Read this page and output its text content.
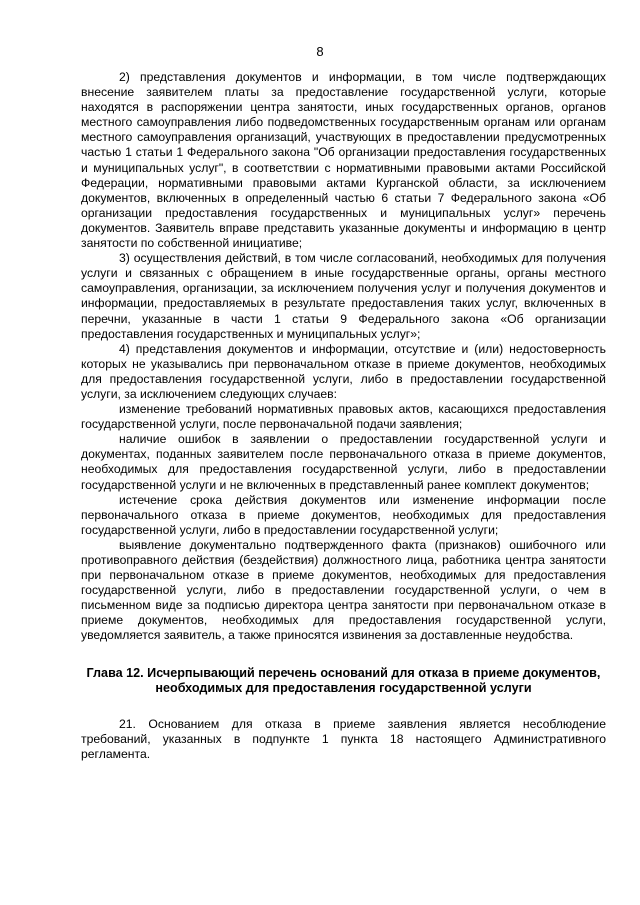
8

2) представления документов и информации, в том числе подтверждающих внесение заявителем платы за предоставление государственной услуги, которые находятся в распоряжении центра занятости, иных государственных органов, органов местного самоуправления либо подведомственных государственным органам или органам местного самоуправления организаций, участвующих в предоставлении предусмотренных частью 1 статьи 1 Федерального закона "Об организации предоставления государственных и муниципальных услуг", в соответствии с нормативными правовыми актами Российской Федерации, нормативными правовыми актами Курганской области, за исключением документов, включенных в определенный частью 6 статьи 7 Федерального закона «Об организации предоставления государственных и муниципальных услуг» перечень документов. Заявитель вправе представить указанные документы и информацию в центр занятости по собственной инициативе;

3) осуществления действий, в том числе согласований, необходимых для получения услуги и связанных с обращением в иные государственные органы, органы местного самоуправления, организации, за исключением получения услуг и получения документов и информации, предоставляемых в результате предоставления таких услуг, включенных в перечни, указанные в части 1 статьи 9 Федерального закона «Об организации предоставления государственных и муниципальных услуг»;

4) представления документов и информации, отсутствие и (или) недостоверность которых не указывались при первоначальном отказе в приеме документов, необходимых для предоставления государственной услуги, либо в предоставлении государственной услуги, за исключением следующих случаев:

изменение требований нормативных правовых актов, касающихся предоставления государственной услуги, после первоначальной подачи заявления;

наличие ошибок в заявлении о предоставлении государственной услуги и документах, поданных заявителем после первоначального отказа в приеме документов, необходимых для предоставления государственной услуги, либо в предоставлении государственной услуги и не включенных в представленный ранее комплект документов;

истечение срока действия документов или изменение информации после первоначального отказа в приеме документов, необходимых для предоставления государственной услуги, либо в предоставлении государственной услуги;

выявление документально подтвержденного факта (признаков) ошибочного или противоправного действия (бездействия) должностного лица, работника центра занятости при первоначальном отказе в приеме документов, необходимых для предоставления государственной услуги, либо в предоставлении государственной услуги, о чем в письменном виде за подписью директора центра занятости при первоначальном отказе в приеме документов, необходимых для предоставления государственной услуги, уведомляется заявитель, а также приносятся извинения за доставленные неудобства.

Глава 12. Исчерпывающий перечень оснований для отказа в приеме документов,
необходимых для предоставления государственной услуги

21. Основанием для отказа в приеме заявления является несоблюдение требований, указанных в подпункте 1 пункта 18 настоящего Административного регламента.
